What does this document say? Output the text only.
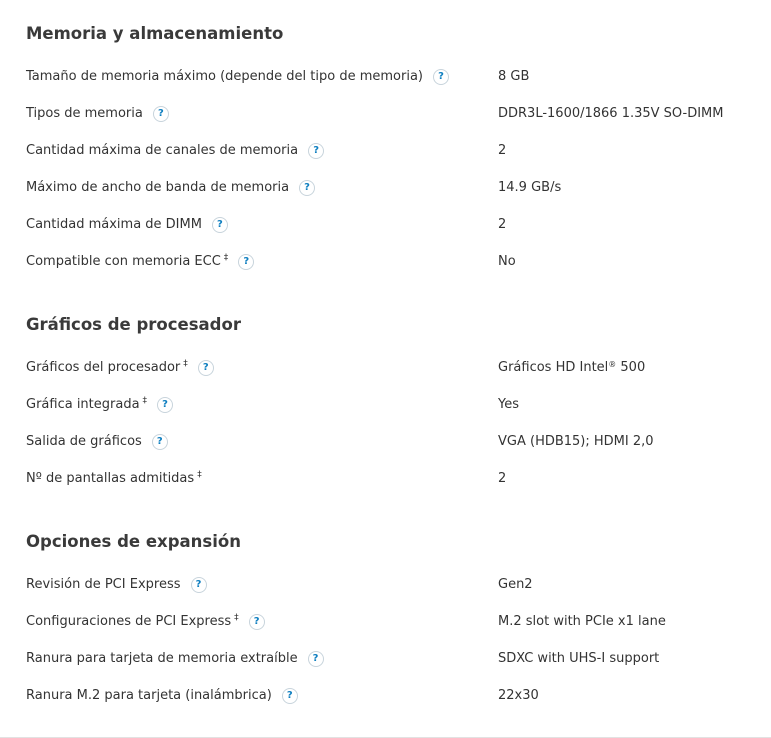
Memoria y almacenamiento
Tamaño de memoria máximo (depende del tipo de memoria)	?	8 GB
Tipos de memoria	?	DDR3L-1600/1866 1.35V SO-DIMM
Cantidad máxima de canales de memoria	?	2
Máximo de ancho de banda de memoria	?	14.9 GB/s
Cantidad máxima de DIMM	?	2
Compatible con memoria ECC ‡	?	No
Gráficos de procesador
Gráficos del procesador ‡	?	Gráficos HD Intel® 500
Gráfica integrada ‡	?	Yes
Salida de gráficos	?	VGA (HDB15); HDMI 2,0
Nº de pantallas admitidas ‡	2
Opciones de expansión
Revisión de PCI Express	?	Gen2
Configuraciones de PCI Express ‡	?	M.2 slot with PCIe x1 lane
Ranura para tarjeta de memoria extraíble	?	SDXC with UHS-I support
Ranura M.2 para tarjeta (inalámbrica)	?	22x30
